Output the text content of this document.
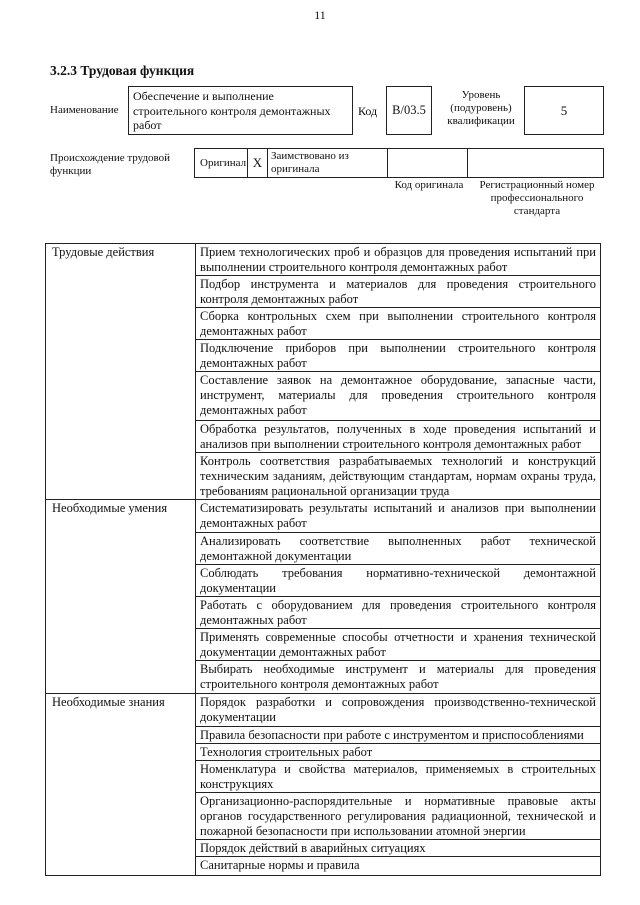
11
3.2.3 Трудовая функция
Наименование
Обеспечение и выполнение строительного контроля демонтажных работ
Код	В/03.5
Уровень (подуровень) квалификации
5
Происхождение трудовой функции
Оригинал Х Заимствовано из оригинала
Код оригинала	Регистрационный номер профессионального стандарта
Трудовые действия	Прием технологических проб и образцов для проведения испытаний при выполнении строительного контроля демонтажных работ
	Подбор инструмента и материалов для проведения строительного контроля демонтажных работ
	Сборка контрольных схем при выполнении строительного контроля демонтажных работ
	Подключение приборов при выполнении строительного контроля демонтажных работ
	Составление заявок на демонтажное оборудование, запасные части, инструмент, материалы для проведения строительного контроля демонтажных работ
	Обработка результатов, полученных в ходе проведения испытаний и анализов при выполнении строительного контроля демонтажных работ
	Контроль соответствия разрабатываемых технологий и конструкций техническим заданиям, действующим стандартам, нормам охраны труда, требованиям рациональной организации труда
Необходимые умения	Систематизировать результаты испытаний и анализов при выполнении демонтажных работ
	Анализировать соответствие выполненных работ технической демонтажной документации
	Соблюдать требования нормативно-технической демонтажной документации
	Работать с оборудованием для проведения строительного контроля демонтажных работ
	Применять современные способы отчетности и хранения технической документации демонтажных работ
	Выбирать необходимые инструмент и материалы для проведения строительного контроля демонтажных работ
Необходимые знания	Порядок разработки и сопровождения производственно-технической документации
	Правила безопасности при работе с инструментом и приспособлениями
	Технология строительных работ
	Номенклатура и свойства материалов, применяемых в строительных конструкциях
	Организационно-распорядительные и нормативные правовые акты органов государственного регулирования радиационной, технической и пожарной безопасности при использовании атомной энергии
	Порядок действий в аварийных ситуациях
	Санитарные нормы и правила
